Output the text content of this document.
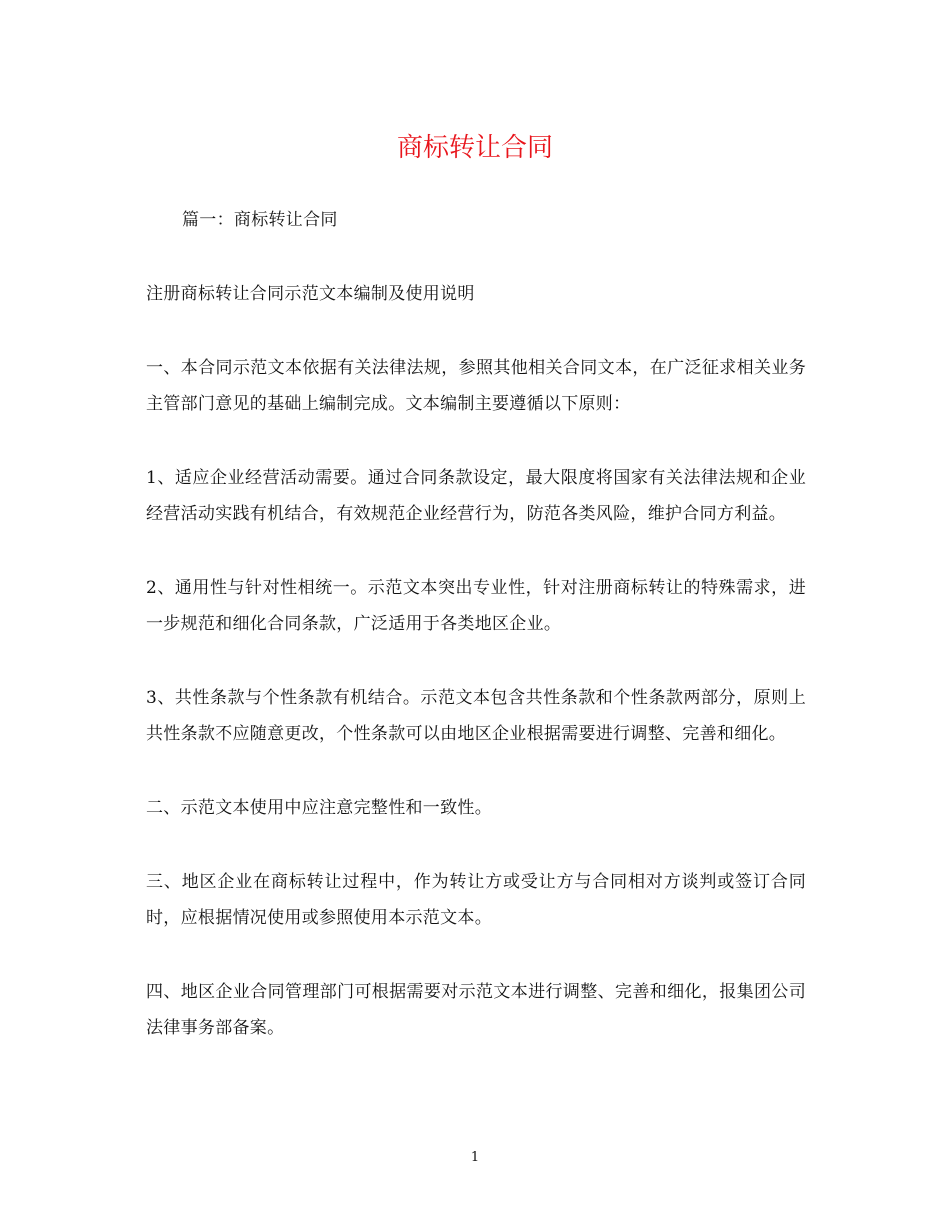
商标转让合同

篇一：商标转让合同

注册商标转让合同示范文本编制及使用说明

一、本合同示范文本依据有关法律法规，参照其他相关合同文本，在广泛征求相关业务主管部门意见的基础上编制完成。文本编制主要遵循以下原则：

1、适应企业经营活动需要。通过合同条款设定，最大限度将国家有关法律法规和企业经营活动实践有机结合，有效规范企业经营行为，防范各类风险，维护合同方利益。

2、通用性与针对性相统一。示范文本突出专业性，针对注册商标转让的特殊需求，进一步规范和细化合同条款，广泛适用于各类地区企业。

3、共性条款与个性条款有机结合。示范文本包含共性条款和个性条款两部分，原则上共性条款不应随意更改，个性条款可以由地区企业根据需要进行调整、完善和细化。

二、示范文本使用中应注意完整性和一致性。

三、地区企业在商标转让过程中，作为转让方或受让方与合同相对方谈判或签订合同时，应根据情况使用或参照使用本示范文本。

四、地区企业合同管理部门可根据需要对示范文本进行调整、完善和细化，报集团公司法律事务部备案。

1
